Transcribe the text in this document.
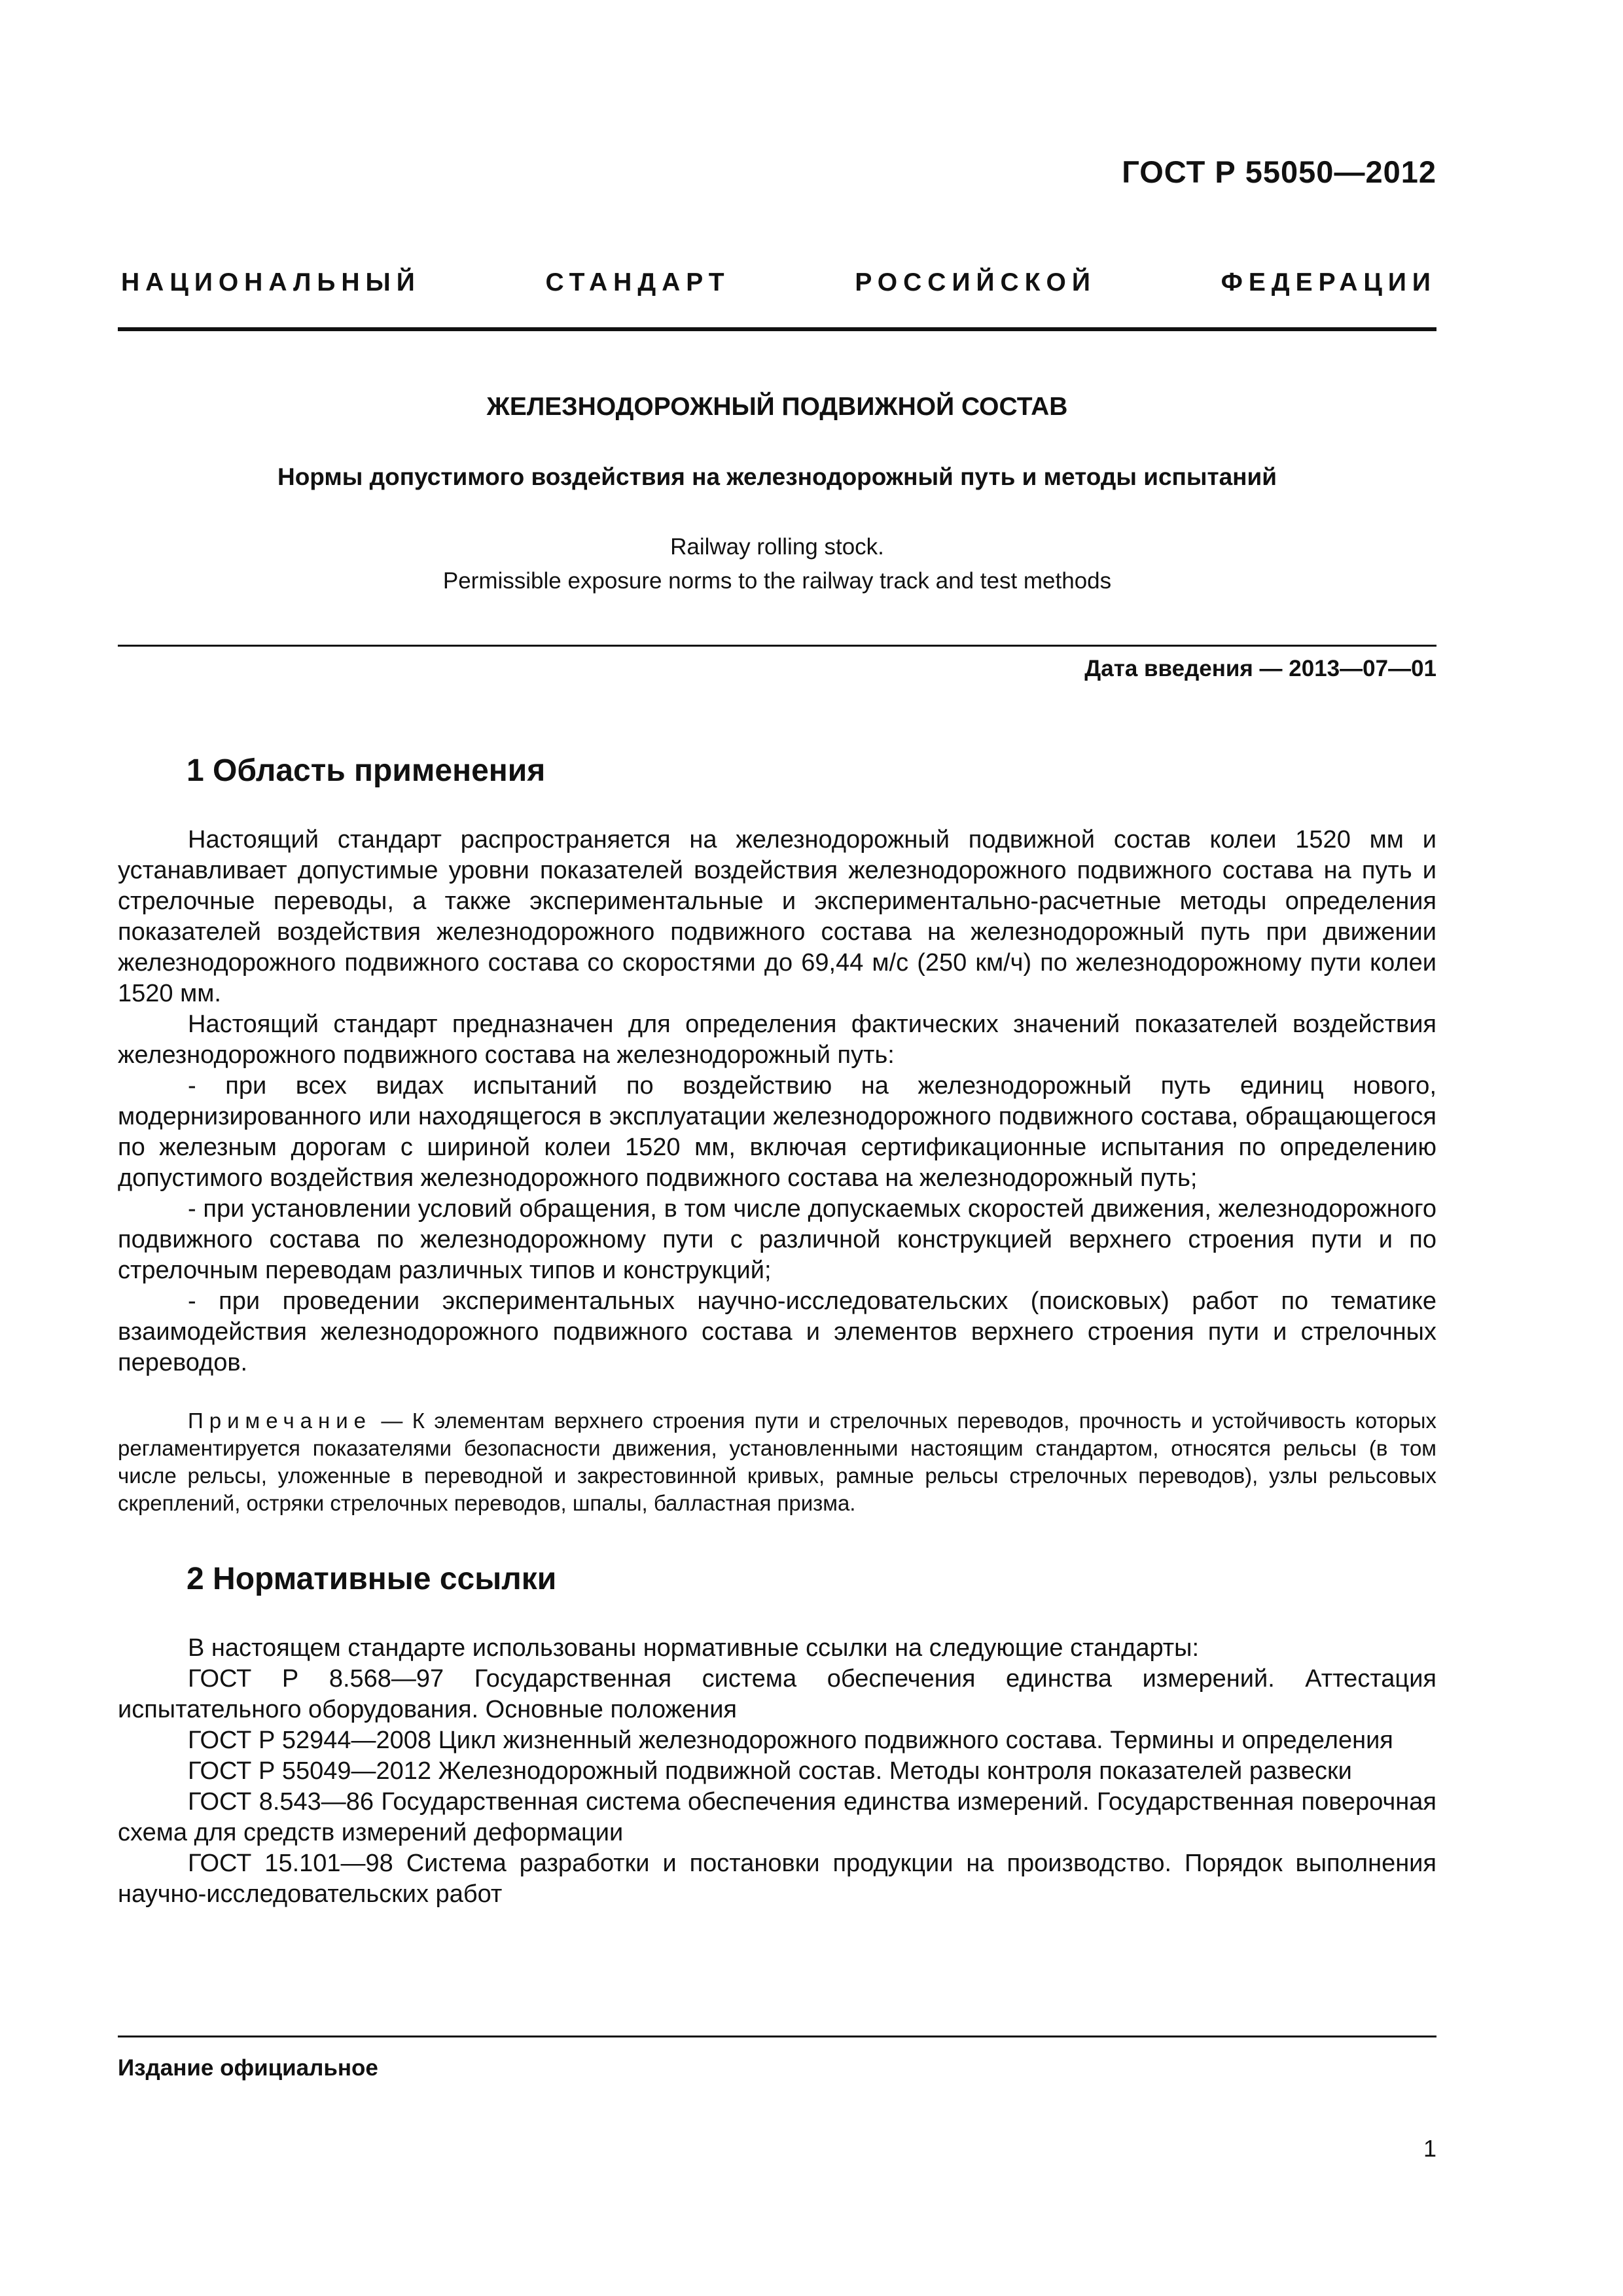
ГОСТ Р 55050—2012
НАЦИОНАЛЬНЫЙ	СТАНДАРТ	РОССИЙСКОЙ	ФЕДЕРАЦИИ
ЖЕЛЕЗНОДОРОЖНЫЙ ПОДВИЖНОЙ СОСТАВ
Нормы допустимого воздействия на железнодорожный путь и методы испытаний
Railway rolling stock.
Permissible exposure norms to the railway track and test methods
Дата введения — 2013—07—01
1 Область применения

Настоящий стандарт распространяется на железнодорожный подвижной состав колеи 1520 мм и устанавливает допустимые уровни показателей воздействия железнодорожного подвижного состава на путь и стрелочные переводы, а также экспериментальные и экспериментально-расчетные методы определения показателей воздействия железнодорожного подвижного состава на железнодорожный путь при движении железнодорожного подвижного состава со скоростями до 69,44 м/с (250 км/ч) по железнодорожному пути колеи 1520 мм.

Настоящий стандарт предназначен для определения фактических значений показателей воздействия железнодорожного подвижного состава на железнодорожный путь:

- при всех видах испытаний по воздействию на железнодорожный путь единиц нового, модернизированного или находящегося в эксплуатации железнодорожного подвижного состава, обращающегося по железным дорогам с шириной колеи 1520 мм, включая сертификационные испытания по определению допустимого воздействия железнодорожного подвижного состава на железнодорожный путь;

- при установлении условий обращения, в том числе допускаемых скоростей движения, железнодорожного подвижного состава по железнодорожному пути с различной конструкцией верхнего строения пути и по стрелочным переводам различных типов и конструкций;

- при проведении экспериментальных научно-исследовательских (поисковых) работ по тематике взаимодействия железнодорожного подвижного состава и элементов верхнего строения пути и стрелочных переводов.

Примечание — К элементам верхнего строения пути и стрелочных переводов, прочность и устойчивость которых регламентируется показателями безопасности движения, установленными настоящим стандартом, относятся рельсы (в том числе рельсы, уложенные в переводной и закрестовинной кривых, рамные рельсы стрелочных переводов), узлы рельсовых скреплений, остряки стрелочных переводов, шпалы, балластная призма.

2 Нормативные ссылки

В настоящем стандарте использованы нормативные ссылки на следующие стандарты:

ГОСТ Р 8.568—97 Государственная система обеспечения единства измерений. Аттестация испытательного оборудования. Основные положения

ГОСТ Р 52944—2008 Цикл жизненный железнодорожного подвижного состава. Термины и определения

ГОСТ Р 55049—2012 Железнодорожный подвижной состав. Методы контроля показателей развески

ГОСТ 8.543—86 Государственная система обеспечения единства измерений. Государственная поверочная схема для средств измерений деформации

ГОСТ 15.101—98 Система разработки и постановки продукции на производство. Порядок выполнения научно-исследовательских работ

Издание официальное
1
